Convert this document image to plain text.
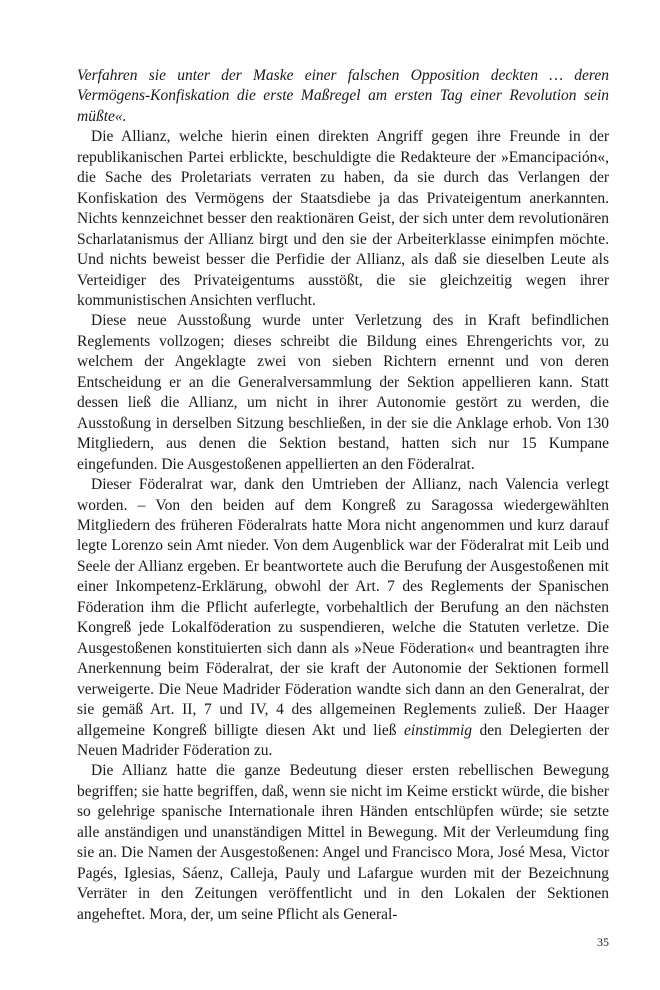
Verfahren sie unter der Maske einer falschen Opposition deckten … deren Vermögens-Konfiskation die erste Maßregel am ersten Tag einer Revolution sein müßte«.

Die Allianz, welche hierin einen direkten Angriff gegen ihre Freunde in der republikanischen Partei erblickte, beschuldigte die Redakteure der »Emancipación«, die Sache des Proletariats verraten zu haben, da sie durch das Verlangen der Konfiskation des Vermögens der Staatsdiebe ja das Privateigentum anerkannten. Nichts kennzeichnet besser den reaktionären Geist, der sich unter dem revolutionären Scharlatanismus der Allianz birgt und den sie der Arbeiterklasse einimpfen möchte. Und nichts beweist besser die Perfidie der Allianz, als daß sie dieselben Leute als Verteidiger des Privateigentums ausstößt, die sie gleichzeitig wegen ihrer kommunistischen Ansichten verflucht.

Diese neue Ausstoßung wurde unter Verletzung des in Kraft befindlichen Reglements vollzogen; dieses schreibt die Bildung eines Ehrengerichts vor, zu welchem der Angeklagte zwei von sieben Richtern ernennt und von deren Entscheidung er an die Generalversammlung der Sektion appellieren kann. Statt dessen ließ die Allianz, um nicht in ihrer Autonomie gestört zu werden, die Ausstoßung in derselben Sitzung beschließen, in der sie die Anklage erhob. Von 130 Mitgliedern, aus denen die Sektion bestand, hatten sich nur 15 Kumpane eingefunden. Die Ausgestoßenen appellierten an den Föderalrat.

Dieser Föderalrat war, dank den Umtrieben der Allianz, nach Valencia verlegt worden. – Von den beiden auf dem Kongreß zu Saragossa wiedergewählten Mitgliedern des früheren Föderalrats hatte Mora nicht angenommen und kurz darauf legte Lorenzo sein Amt nieder. Von dem Augenblick war der Föderalrat mit Leib und Seele der Allianz ergeben. Er beantwortete auch die Berufung der Ausgestoßenen mit einer Inkompetenz-Erklärung, obwohl der Art. 7 des Reglements der Spanischen Föderation ihm die Pflicht auferlegte, vorbehaltlich der Berufung an den nächsten Kongreß jede Lokalföderation zu suspendieren, welche die Statuten verletze. Die Ausgestoßenen konstituierten sich dann als »Neue Föderation« und beantragten ihre Anerkennung beim Föderalrat, der sie kraft der Autonomie der Sektionen formell verweigerte. Die Neue Madrider Föderation wandte sich dann an den Generalrat, der sie gemäß Art. II, 7 und IV, 4 des allgemeinen Reglements zuließ. Der Haager allgemeine Kongreß billigte diesen Akt und ließ einstimmig den Delegierten der Neuen Madrider Föderation zu.

Die Allianz hatte die ganze Bedeutung dieser ersten rebellischen Bewegung begriffen; sie hatte begriffen, daß, wenn sie nicht im Keime erstickt würde, die bisher so gelehrige spanische Internationale ihren Händen entschlüpfen würde; sie setzte alle anständigen und unanständigen Mittel in Bewegung. Mit der Verleumdung fing sie an. Die Namen der Ausgestoßenen: Angel und Francisco Mora, José Mesa, Victor Pagés, Iglesias, Sáenz, Calleja, Pauly und Lafargue wurden mit der Bezeichnung Verräter in den Zeitungen veröffentlicht und in den Lokalen der Sektionen angeheftet. Mora, der, um seine Pflicht als General-

35
